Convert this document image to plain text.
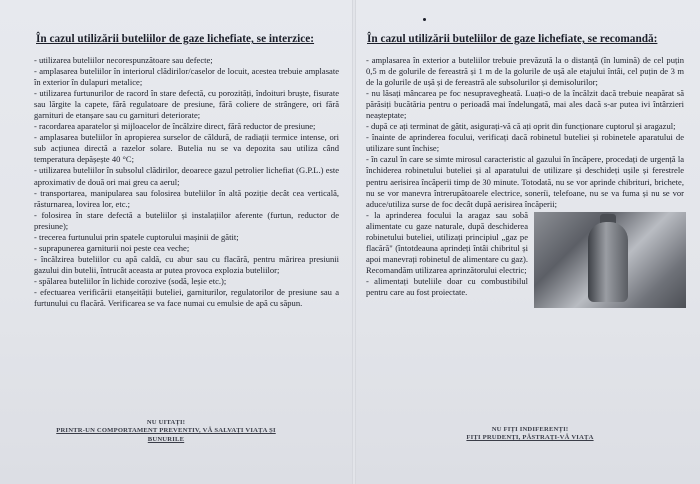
În cazul utilizării buteliilor de gaze lichefiate, se interzice:

- utilizarea buteliilor necorespunzătoare sau defecte;

- amplasarea buteliilor în interiorul clădirilor/caselor de locuit, acestea trebuie amplasate în exterior în dulapuri metalice;

- utilizarea furtunurilor de racord în stare defectă, cu porozități, îndoituri bruște, fisurate sau lărgite la capete, fără regulatoare de presiune, fără coliere de strângere, ori fără garnituri de etanșare sau cu garnituri deteriorate;

- racordarea aparatelor și mijloacelor de încălzire direct, fără reductor de presiune;

- amplasarea buteliilor în apropierea surselor de căldură, de radiații termice intense, ori sub acțiunea directă a razelor solare. Butelia nu se va depozita sau utiliza când temperatura depășește 40 °C;

- utilizarea buteliilor în subsolul clădirilor, deoarece gazul petrolier lichefiat (G.P.L.) este aproximativ de două ori mai greu ca aerul;

- transportarea, manipularea sau folosirea buteliilor în altă poziție decât cea verticală, răsturnarea, lovirea lor, etc.;

- folosirea în stare defectă a buteliilor și instalațiilor aferente (furtun, reductor de presiune);

- trecerea furtunului prin spatele cuptorului mașinii de gătit;

- suprapunerea garniturii noi peste cea veche;

- încălzirea buteliilor cu apă caldă, cu abur sau cu flacără, pentru mărirea presiunii gazului din butelii, întrucât aceasta ar putea provoca explozia buteliilor;

- spălarea buteliilor în lichide corozive (sodă, leșie etc.);

- efectuarea verificării etanșeității buteliei, garniturilor, regulatorilor de presiune sau a furtunului cu flacără. Verificarea se va face numai cu emulsie de apă cu săpun.

NU UITAȚI!

PRINTR-UN COMPORTAMENT PREVENTIV, VĂ SALVAȚI VIAȚA ȘI BUNURILE
În cazul utilizării buteliilor de gaze lichefiate, se recomandă:

- amplasarea în exterior a buteliilor trebuie prevăzută la o distanță (în lumină) de cel puțin 0,5 m de golurile de fereastră și 1 m de la golurile de ușă ale etajului întâi, cel puțin de 3 m de la golurile de ușă și de fereastră ale subsolurilor și demisolurilor;

- nu lăsați mâncarea pe foc nesupravegheată. Luați-o de la încălzit dacă trebuie neapărat să părăsiți bucătăria pentru o perioadă mai îndelungată, mai ales dacă s-ar putea ivi întârzieri neașteptate;

- după ce ați terminat de gătit, asigurați-vă că ați oprit din funcționare cuptorul și aragazul;

- înainte de aprinderea focului, verificați dacă robinetul buteliei și robinetele aparatului de utilizare sunt închise;

- în cazul în care se simte mirosul caracteristic al gazului în încăpere, procedați de urgență la închiderea robinetului buteliei și al aparatului de utilizare și deschideți ușile și ferestrele pentru aerisirea încăperii timp de 30 minute. Totodată, nu se vor aprinde chibrituri, brichete, nu se vor manevra întrerupătoarele electrice, soneríi, telefoane, nu se va fuma și nu se vor aduce/utiliza surse de foc decât după aerisirea încăperii;

- la aprinderea focului la aragaz sau sobă alimentate cu gaze naturale, după deschiderea robinetului buteliei, utilizați principiul „gaz pe flacără" (întotdeauna aprindeți întâi chibritul și apoi manevrați robinetul de alimentare cu gaz). Recomandăm utilizarea aprinzătorului electric;

- alimentați buteliile doar cu combustibilul pentru care au fost proiectate.

NU FIȚI INDIFERENȚI!

FIȚI PRUDENȚI, PĂSTRAȚI-VĂ VIAȚA
